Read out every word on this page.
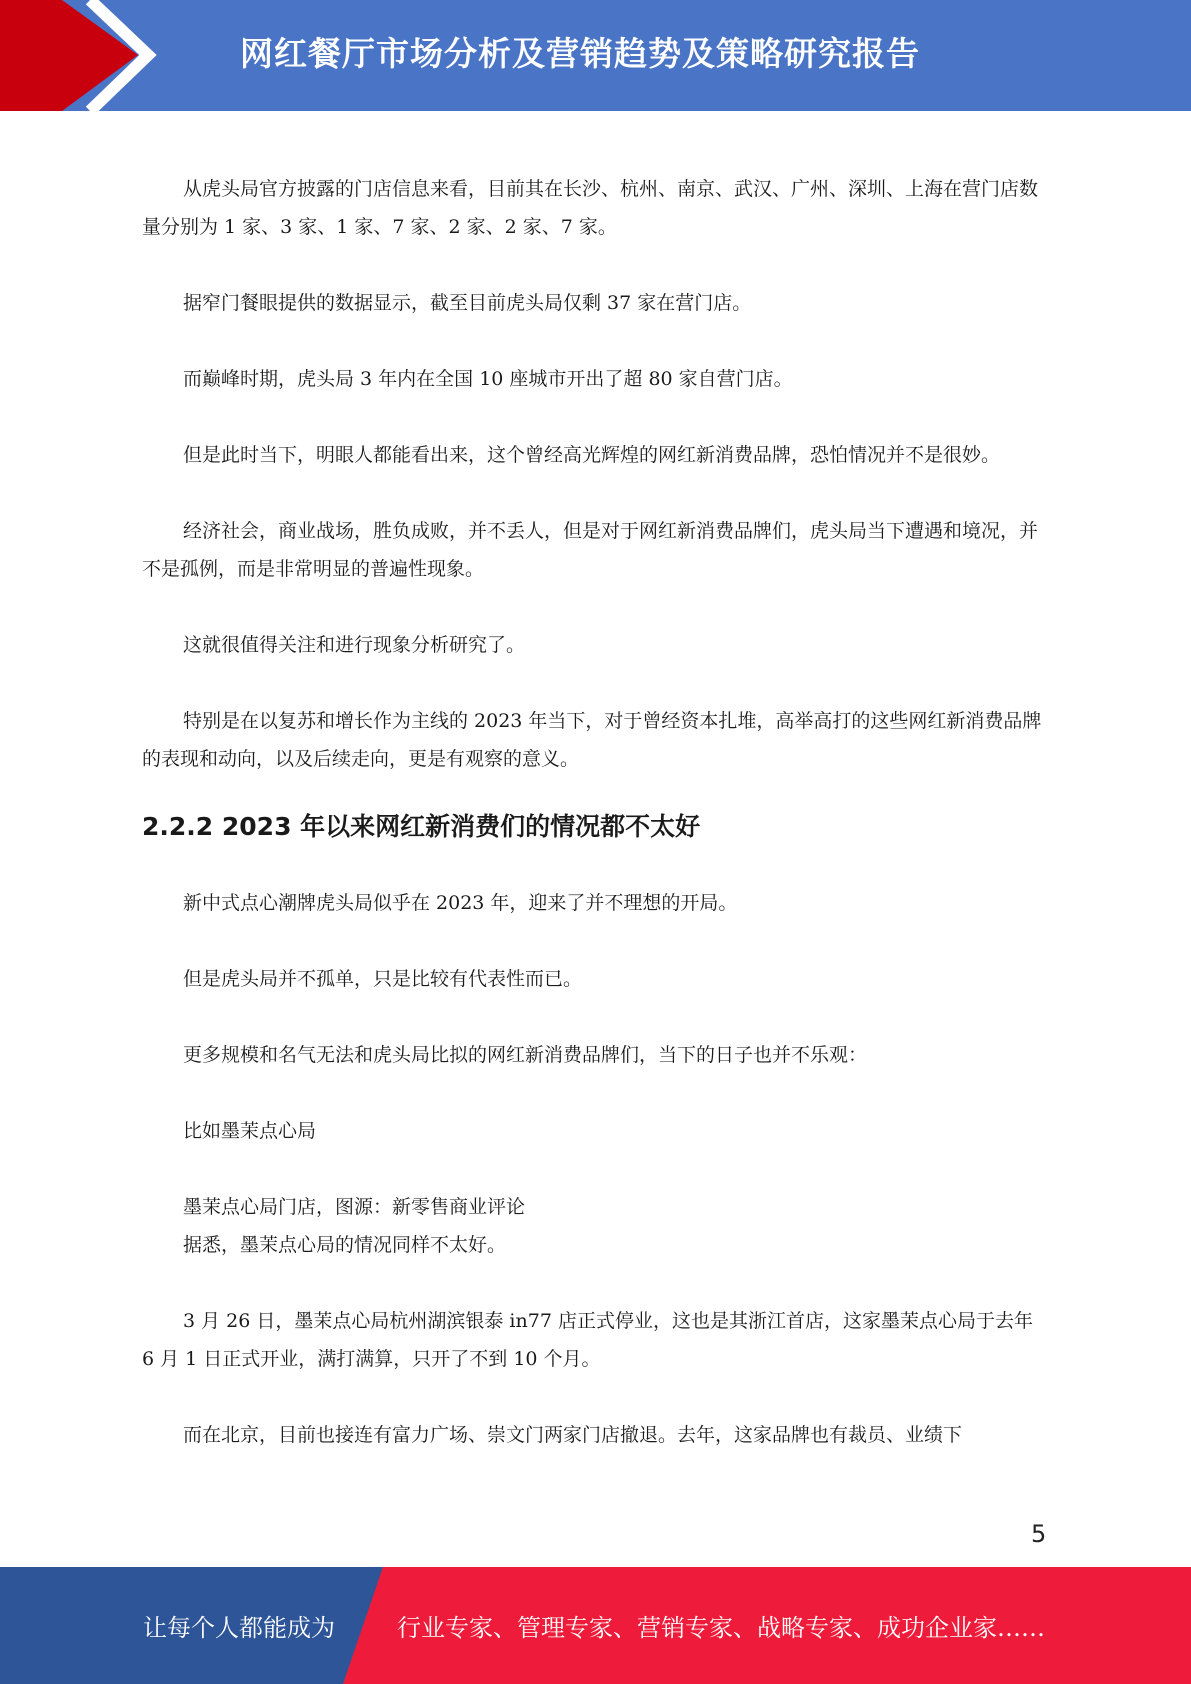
网红餐厅市场分析及营销趋势及策略研究报告

从虎头局官方披露的门店信息来看，目前其在长沙、杭州、南京、武汉、广州、深圳、上海在营门店数量分别为 1 家、3 家、1 家、7 家、2 家、2 家、7 家。

据窄门餐眼提供的数据显示，截至目前虎头局仅剩 37 家在营门店。

而巅峰时期，虎头局 3 年内在全国 10 座城市开出了超 80 家自营门店。

但是此时当下，明眼人都能看出来，这个曾经高光辉煌的网红新消费品牌，恐怕情况并不是很妙。

经济社会，商业战场，胜负成败，并不丢人，但是对于网红新消费品牌们，虎头局当下遭遇和境况，并不是孤例，而是非常明显的普遍性现象。

这就很值得关注和进行现象分析研究了。

特别是在以复苏和增长作为主线的 2023 年当下，对于曾经资本扎堆，高举高打的这些网红新消费品牌的表现和动向，以及后续走向，更是有观察的意义。

2.2.2 2023 年以来网红新消费们的情况都不太好

新中式点心潮牌虎头局似乎在 2023 年，迎来了并不理想的开局。

但是虎头局并不孤单，只是比较有代表性而已。

更多规模和名气无法和虎头局比拟的网红新消费品牌们，当下的日子也并不乐观：

比如墨茉点心局

墨茉点心局门店，图源：新零售商业评论

据悉，墨茉点心局的情况同样不太好。

3 月 26 日，墨茉点心局杭州湖滨银泰 in77 店正式停业，这也是其浙江首店，这家墨茉点心局于去年 6 月 1 日正式开业，满打满算，只开了不到 10 个月。

而在北京，目前也接连有富力广场、崇文门两家门店撤退。去年，这家品牌也有裁员、业绩下

5
让每个人都能成为	行业专家、管理专家、营销专家、战略专家、成功企业家……
